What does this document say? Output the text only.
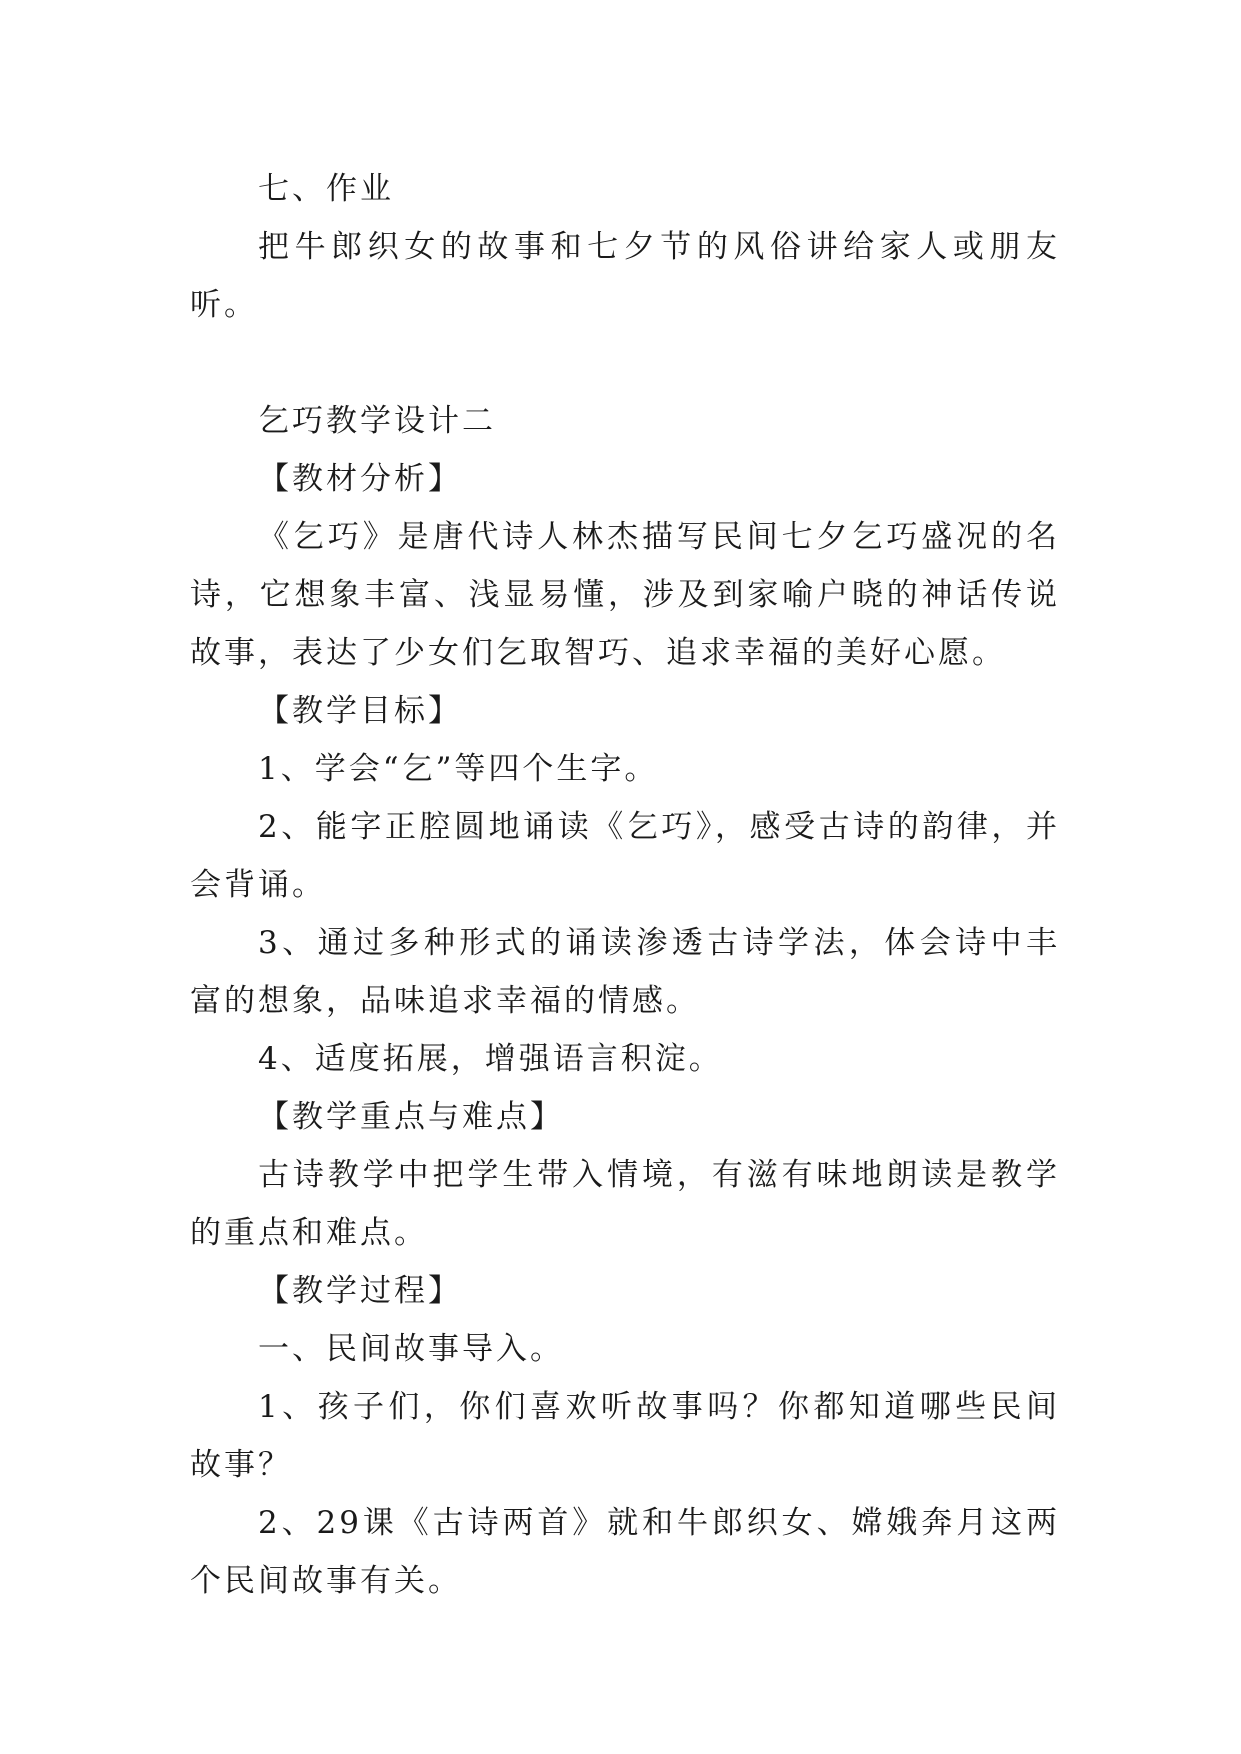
七、作业

把牛郎织女的故事和七夕节的风俗讲给家人或朋友听。

乞巧教学设计二

【教材分析】

《乞巧》是唐代诗人林杰描写民间七夕乞巧盛况的名诗，它想象丰富、浅显易懂，涉及到家喻户晓的神话传说故事，表达了少女们乞取智巧、追求幸福的美好心愿。

【教学目标】

1、学会“乞”等四个生字。

2、能字正腔圆地诵读《乞巧》，感受古诗的韵律，并会背诵。

3、通过多种形式的诵读渗透古诗学法，体会诗中丰富的想象，品味追求幸福的情感。

4、适度拓展，增强语言积淀。

【教学重点与难点】

古诗教学中把学生带入情境，有滋有味地朗读是教学的重点和难点。

【教学过程】

一、民间故事导入。

1、孩子们，你们喜欢听故事吗？你都知道哪些民间故事？

2、29课《古诗两首》就和牛郎织女、嫦娥奔月这两个民间故事有关。
